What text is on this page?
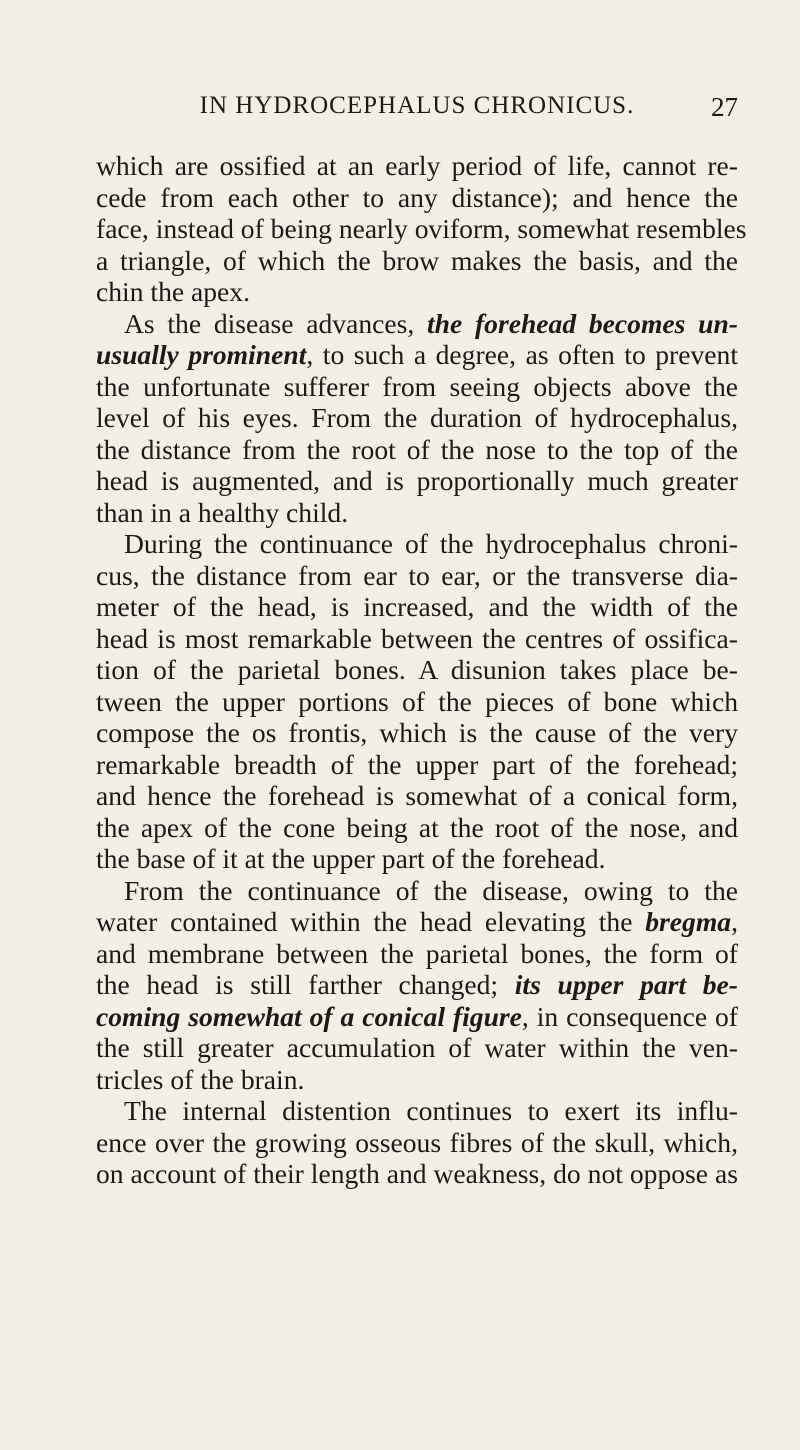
IN HYDROCEPHALUS CHRONICUS.	27
which are ossified at an early period of life, cannot re-
cede from each other to any distance); and hence the
face, instead of being nearly oviform, somewhat resembles
a triangle, of which the brow makes the basis, and the
chin the apex.
As the disease advances, the forehead becomes un-
usually prominent, to such a degree, as often to prevent
the unfortunate sufferer from seeing objects above the
level of his eyes. From the duration of hydrocephalus,
the distance from the root of the nose to the top of the
head is augmented, and is proportionally much greater
than in a healthy child.
During the continuance of the hydrocephalus chroni-
cus, the distance from ear to ear, or the transverse dia-
meter of the head, is increased, and the width of the
head is most remarkable between the centres of ossifica-
tion of the parietal bones. A disunion takes place be-
tween the upper portions of the pieces of bone which
compose the os frontis, which is the cause of the very
remarkable breadth of the upper part of the forehead;
and hence the forehead is somewhat of a conical form,
the apex of the cone being at the root of the nose, and
the base of it at the upper part of the forehead.
From the continuance of the disease, owing to the
water contained within the head elevating the bregma,
and membrane between the parietal bones, the form of
the head is still farther changed; its upper part be-
coming somewhat of a conical figure, in consequence of
the still greater accumulation of water within the ven-
tricles of the brain.
The internal distention continues to exert its influ-
ence over the growing osseous fibres of the skull, which,
on account of their length and weakness, do not oppose as
